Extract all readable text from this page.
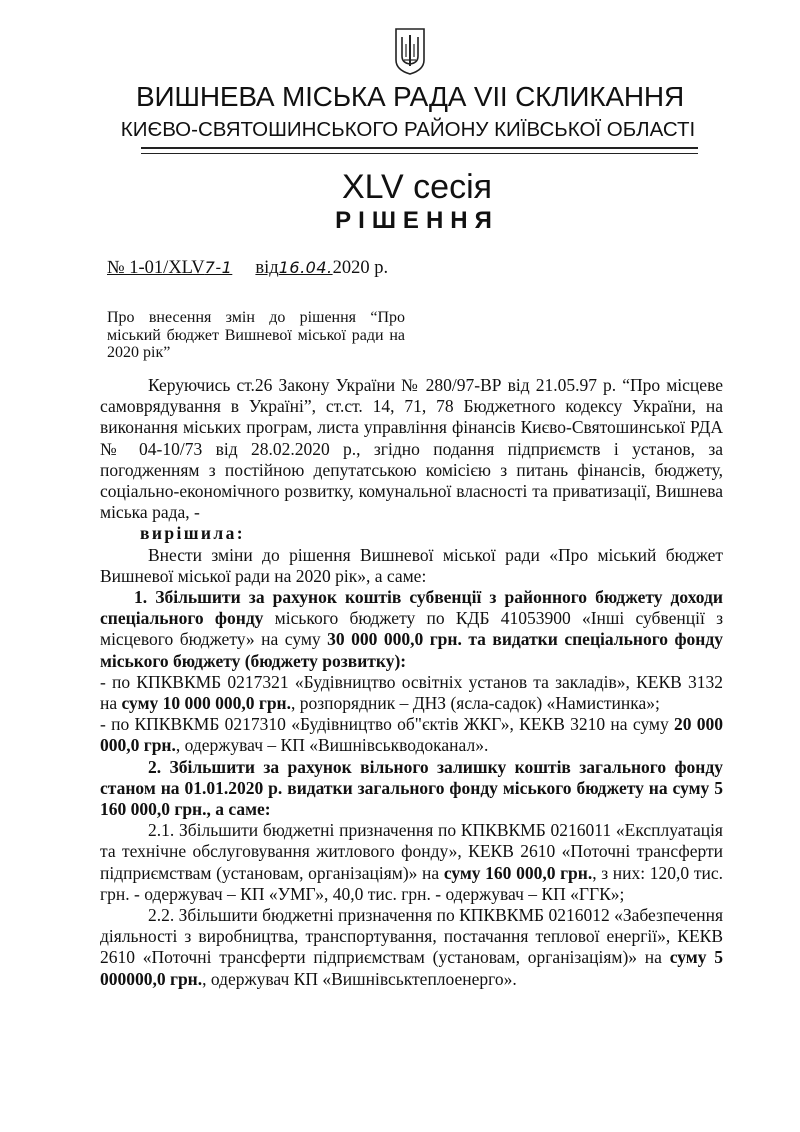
ВИШНЕВА МІСЬКА РАДА VII СКЛИКАННЯ
КИЄВО-СВЯТОШИНСЬКОГО РАЙОНУ КИЇВСЬКОЇ ОБЛАСТІ
XLV сесія
РІШЕННЯ
№ 1-01/XLV7-1 від16.04.2020 р.
Про внесення змін до рішення “Про міський бюджет Вишневої міської ради на 2020 рік”

Керуючись ст.26 Закону України № 280/97-ВР від 21.05.97 р. “Про місцеве самоврядування в Україні”, ст.ст. 14, 71, 78 Бюджетного кодексу України, на виконання міських програм, листа управління фінансів Києво-Святошинської РДА № 04-10/73 від 28.02.2020 р., згідно подання підприємств і установ, за погодженням з постійною депутатською комісією з питань фінансів, бюджету, соціально-економічного розвитку, комунальної власності та приватизації, Вишнева міська рада, -

вирішила:

Внести зміни до рішення Вишневої міської ради «Про міський бюджет Вишневої міської ради на 2020 рік», а саме:

1. Збільшити за рахунок коштів субвенції з районного бюджету доходи спеціального фонду міського бюджету по КДБ 41053900 «Інші субвенції з місцевого бюджету» на суму 30 000 000,0 грн. та видатки спеціального фонду міського бюджету (бюджету розвитку):

- по КПКВКМБ 0217321 «Будівництво освітніх установ та закладів», КЕКВ 3132 на суму 10 000 000,0 грн., розпорядник – ДНЗ (ясла-садок) «Намистинка»;

- по КПКВКМБ 0217310 «Будівництво об"єктів ЖКГ», КЕКВ 3210 на суму 20 000 000,0 грн., одержувач – КП «Вишнівськводоканал».

2. Збільшити за рахунок вільного залишку коштів загального фонду станом на 01.01.2020 р. видатки загального фонду міського бюджету на суму 5 160 000,0 грн., а саме:

2.1. Збільшити бюджетні призначення по КПКВКМБ 0216011 «Експлуатація та технічне обслуговування житлового фонду», КЕКВ 2610 «Поточні трансферти підприємствам (установам, організаціям)» на суму 160 000,0 грн., з них: 120,0 тис. грн. - одержувач – КП «УМГ», 40,0 тис. грн. - одержувач – КП «ГГК»;

2.2. Збільшити бюджетні призначення по КПКВКМБ 0216012 «Забезпечення діяльності з виробництва, транспортування, постачання теплової енергії», КЕКВ 2610 «Поточні трансферти підприємствам (установам, організаціям)» на суму 5 000000,0 грн., одержувач КП «Вишнівськтеплоенерго».
